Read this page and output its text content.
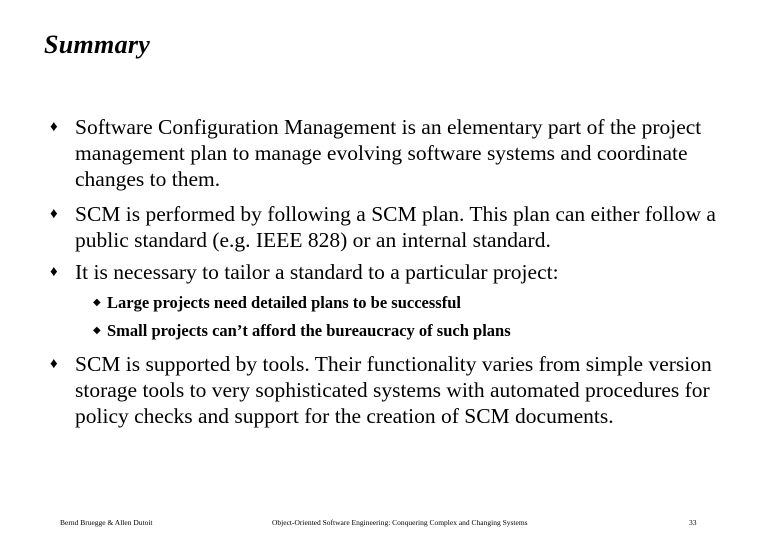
Summary
♦ Software Configuration Management is an elementary part of the project management plan to manage evolving software systems and coordinate changes to them.
♦ SCM is performed by following a SCM plan. This plan can either follow a public standard (e.g. IEEE 828) or an internal standard.
♦ It is necessary to tailor a standard to a particular project:
◆ Large projects need detailed plans to be successful
◆ Small projects can’t afford the bureaucracy of such plans
♦ SCM is supported by tools. Their functionality varies from simple version storage tools to very sophisticated systems with automated procedures for policy checks and support for the creation of SCM documents.
Bernd Bruegge & Allen Dutoit	Object-Oriented Software Engineering: Conquering Complex and Changing Systems	33
